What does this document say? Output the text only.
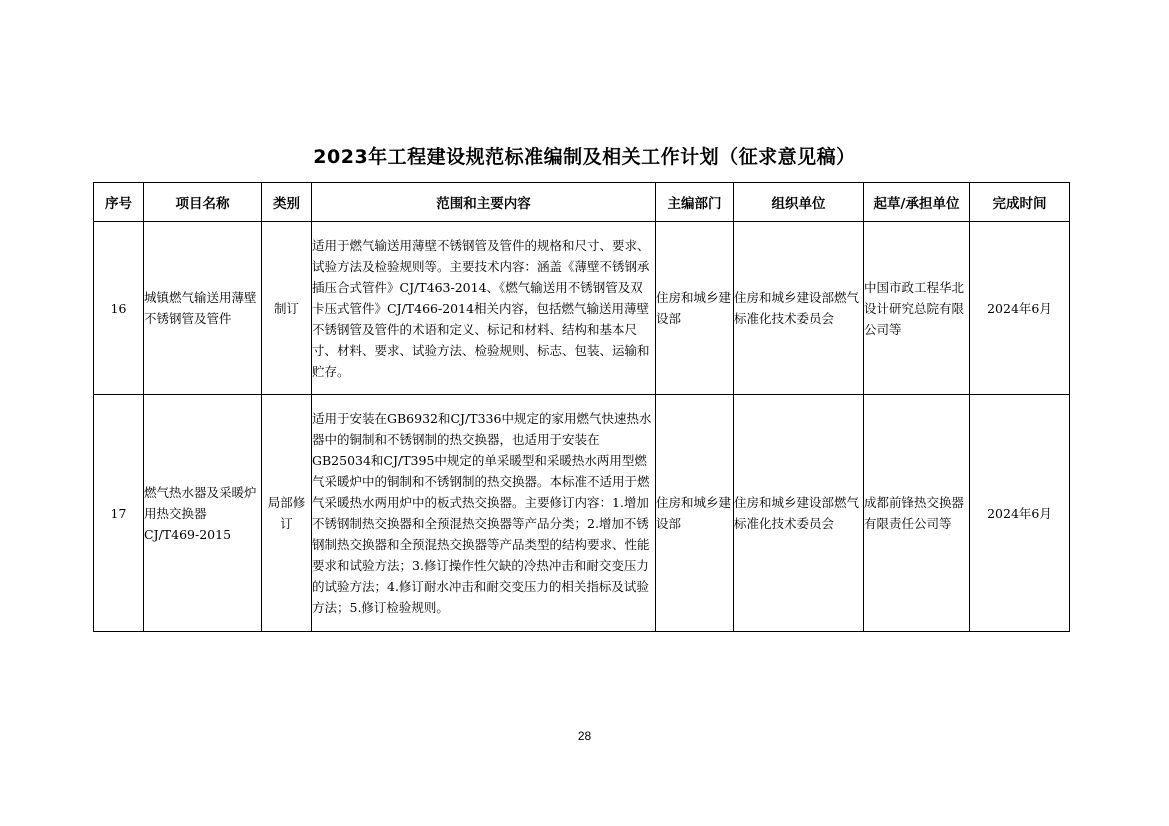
2023年工程建设规范标准编制及相关工作计划（征求意见稿）
序号	项目名称	类别	范围和主要内容	主编部门	组织单位	起草/承担单位	完成时间
16	城镇燃气输送用薄壁不锈钢管及管件	制订	适用于燃气输送用薄壁不锈钢管及管件的规格和尺寸、要求、试验方法及检验规则等。主要技术内容：涵盖《薄壁不锈钢承插压合式管件》CJ/T463-2014、《燃气输送用不锈钢管及双卡压式管件》CJ/T466-2014相关内容，包括燃气输送用薄壁不锈钢管及管件的术语和定义、标记和材料、结构和基本尺寸、材料、要求、试验方法、检验规则、标志、包装、运输和贮存。	住房和城乡建设部	住房和城乡建设部燃气标准化技术委员会	中国市政工程华北设计研究总院有限公司等	2024年6月
17	燃气热水器及采暖炉用热交换器CJ/T469-2015	局部修订	适用于安装在GB6932和CJ/T336中规定的家用燃气快速热水器中的铜制和不锈钢制的热交换器，也适用于安装在GB25034和CJ/T395中规定的单采暖型和采暖热水两用型燃气采暖炉中的铜制和不锈钢制的热交换器。本标准不适用于燃气采暖热水两用炉中的板式热交换器。主要修订内容：1.增加不锈钢制热交换器和全预混热交换器等产品分类；2.增加不锈钢制热交换器和全预混热交换器等产品类型的结构要求、性能要求和试验方法；3.修订操作性欠缺的冷热冲击和耐交变压力的试验方法；4.修订耐水冲击和耐交变压力的相关指标及试验方法；5.修订检验规则。	住房和城乡建设部	住房和城乡建设部燃气标准化技术委员会	成都前锋热交换器有限责任公司等	2024年6月
28
